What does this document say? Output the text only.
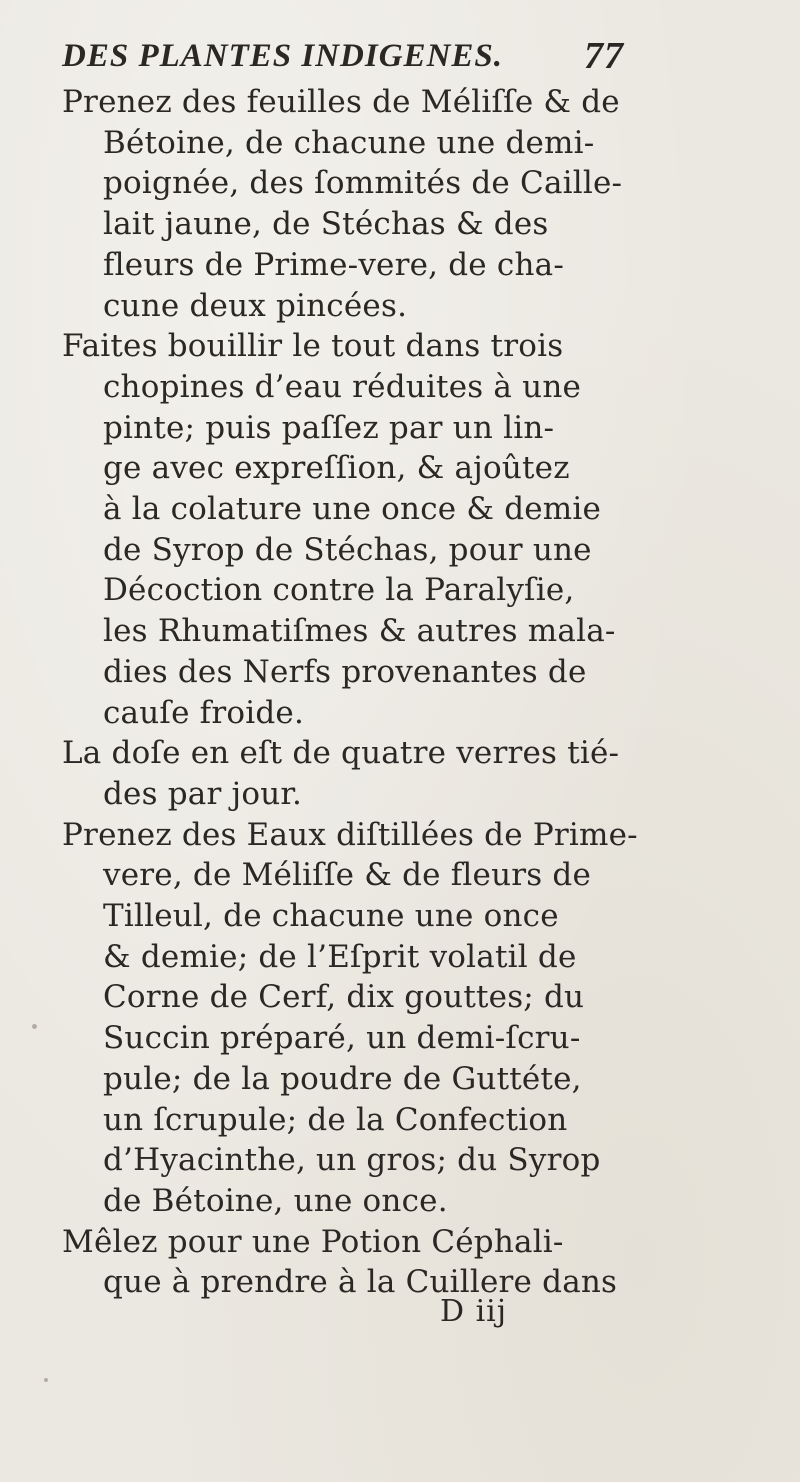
DES PLANTES INDIGENES. 77
Prenez des feuilles de Méliſſe & de
Bétoine, de chacune une demi-
poignée, des ſommités de Caille-
lait jaune, de Stéchas & des
fleurs de Prime-vere, de cha-
cune deux pincées.
Faites bouillir le tout dans trois
chopines d’eau réduites à une
pinte; puis paſſez par un lin-
ge avec expreſſion, & ajoûtez
à la colature une once & demie
de Syrop de Stéchas, pour une
Décoction contre la Paralyſie,
les Rhumatiſmes & autres mala-
dies des Nerfs provenantes de
cauſe froide.
La doſe en eſt de quatre verres tié-
des par jour.
Prenez des Eaux diſtillées de Prime-
vere, de Méliſſe & de fleurs de
Tilleul, de chacune une once
& demie; de l’Eſprit volatil de
Corne de Cerf, dix gouttes; du
Succin préparé, un demi-ſcru-
pule; de la poudre de Guttéte,
un ſcrupule; de la Confection
d’Hyacinthe, un gros; du Syrop
de Bétoine, une once.
Mêlez pour une Potion Céphali-
que à prendre à la Cuillere dans
D iij
